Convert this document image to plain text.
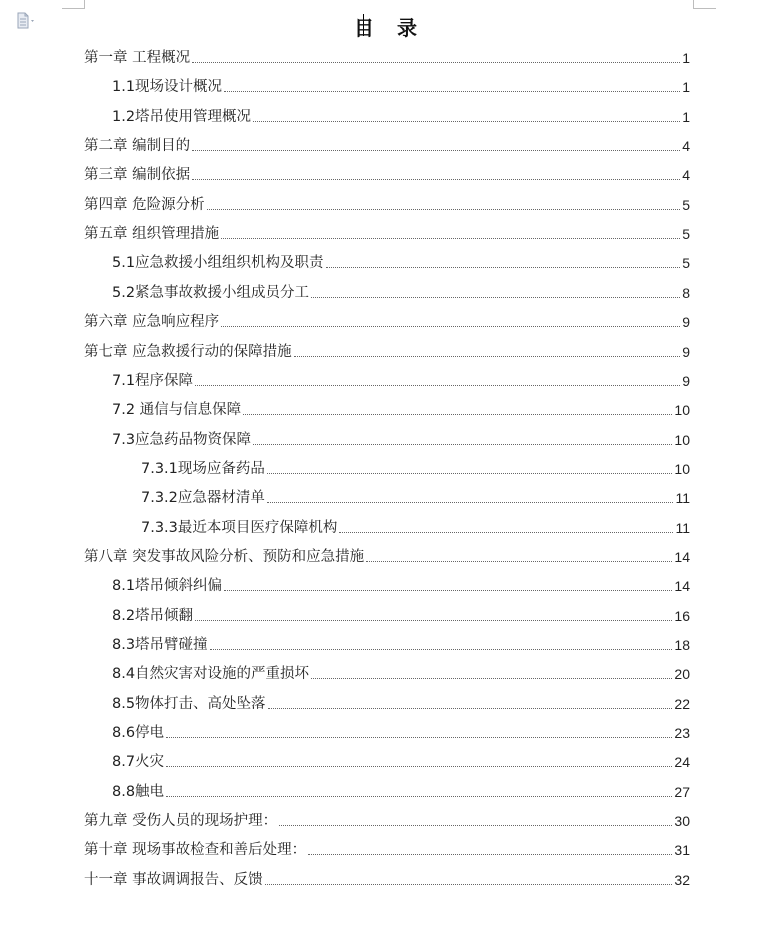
目 录
第一章 工程概况	1
1.1现场设计概况	1
1.2塔吊使用管理概况	1
第二章 编制目的	4
第三章 编制依据	4
第四章 危险源分析	5
第五章 组织管理措施	5
5.1应急救援小组组织机构及职责	5
5.2紧急事故救援小组成员分工	8
第六章 应急响应程序	9
第七章 应急救援行动的保障措施	9
7.1程序保障	9
7.2 通信与信息保障	10
7.3应急药品物资保障	10
7.3.1现场应备药品	10
7.3.2应急器材清单	11
7.3.3最近本项目医疗保障机构	11
第八章 突发事故风险分析、预防和应急措施	14
8.1塔吊倾斜纠偏	14
8.2塔吊倾翻	16
8.3塔吊臂碰撞	18
8.4自然灾害对设施的严重损坏	20
8.5物体打击、高处坠落	22
8.6停电	23
8.7火灾	24
8.8触电	27
第九章 受伤人员的现场护理：	30
第十章 现场事故检查和善后处理：	31
十一章 事故调调报告、反馈	32
